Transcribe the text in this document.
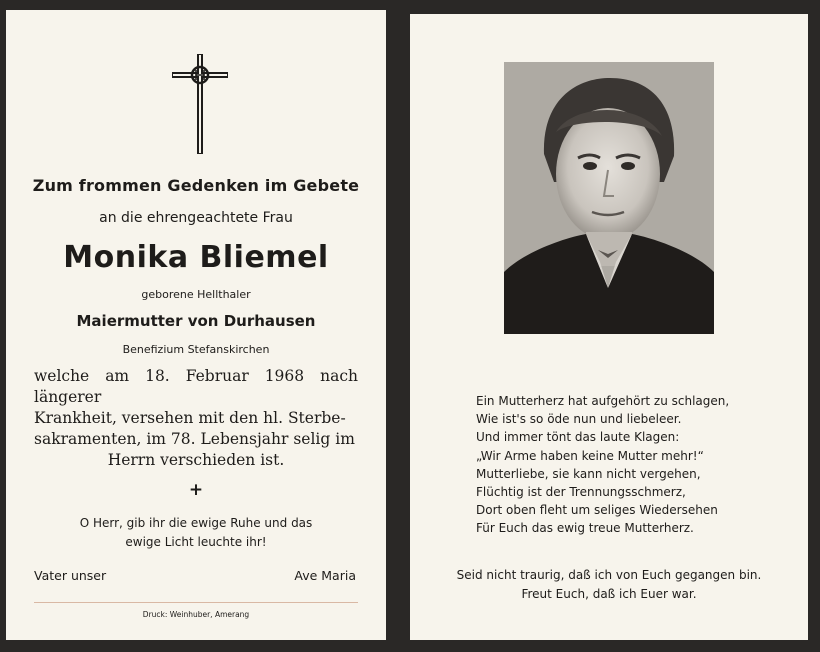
Zum frommen Gedenken im Gebete
an die ehrengeachtete Frau
Monika Bliemel
geborene Hellthaler
Maiermutter von Durhausen
Benefizium Stefanskirchen
welche am 18. Februar 1968 nach längerer
Krankheit, versehen mit den hl. Sterbe-
sakramenten, im 78. Lebensjahr selig im
Herrn verschieden ist.
+
O Herr, gib ihr die ewige Ruhe und das
ewige Licht leuchte ihr!
Vater unser	Ave Maria
Druck: Weinhuber, Amerang
Ein Mutterherz hat aufgehört zu schlagen,
Wie ist's so öde nun und liebeleer.
Und immer tönt das laute Klagen:
„Wir Arme haben keine Mutter mehr!“
Mutterliebe, sie kann nicht vergehen,
Flüchtig ist der Trennungsschmerz,
Dort oben fleht um seliges Wiedersehen
Für Euch das ewig treue Mutterherz.
Seid nicht traurig, daß ich von Euch gegangen bin.
Freut Euch, daß ich Euer war.
